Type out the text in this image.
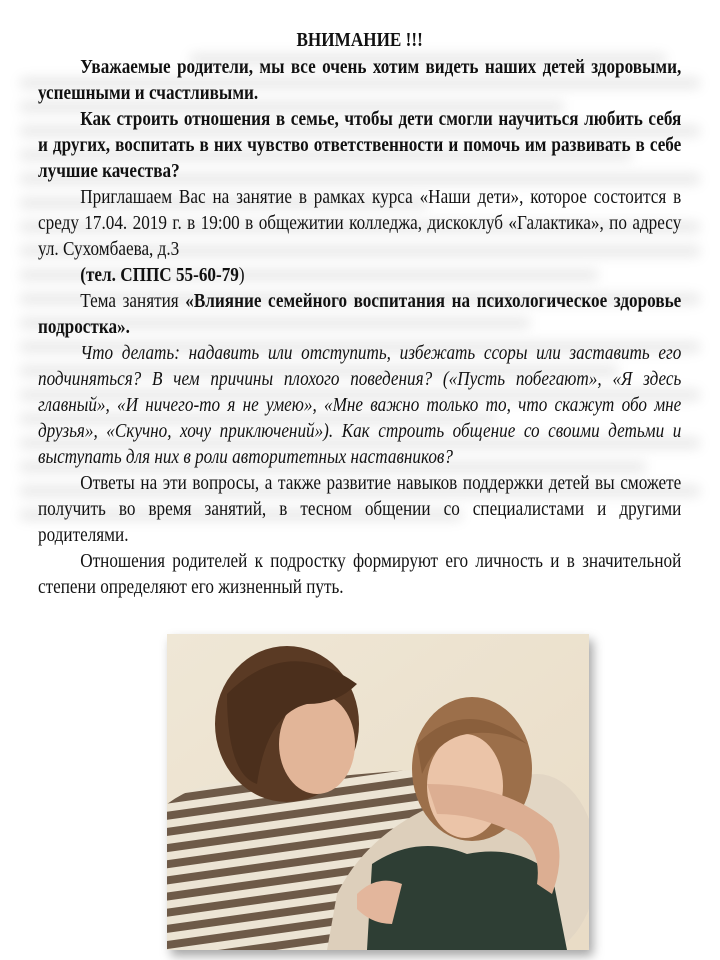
ВНИМАНИЕ !!!

Уважаемые родители, мы все очень хотим видеть наших детей здоровыми, успешными и счастливыми.

Как строить отношения в семье, чтобы дети смогли научиться любить себя и других, воспитать в них чувство ответственности и помочь им развивать в себе лучшие качества?

Приглашаем Вас на занятие в рамках курса «Наши дети», которое состоится в среду 17.04. 2019 г. в 19:00 в общежитии колледжа, дискоклуб «Галактика», по адресу ул. Сухомбаева, д.3

(тел. СППС 55-60-79)

Тема занятия «Влияние семейного воспитания на психологическое здоровье подростка».

Что делать: надавить или отступить, избежать ссоры или заставить его подчиняться? В чем причины плохого поведения? («Пусть побегают», «Я здесь главный», «И ничего-то я не умею», «Мне важно только то, что скажут обо мне друзья», «Скучно, хочу приключений»). Как строить общение со своими детьми и выступать для них в роли авторитетных наставников?

Ответы на эти вопросы, а также развитие навыков поддержки детей вы сможете получить во время занятий, в тесном общении со специалистами и другими родителями.

Отношения родителей к подростку формируют его личность и в значительной степени определяют его жизненный путь.
